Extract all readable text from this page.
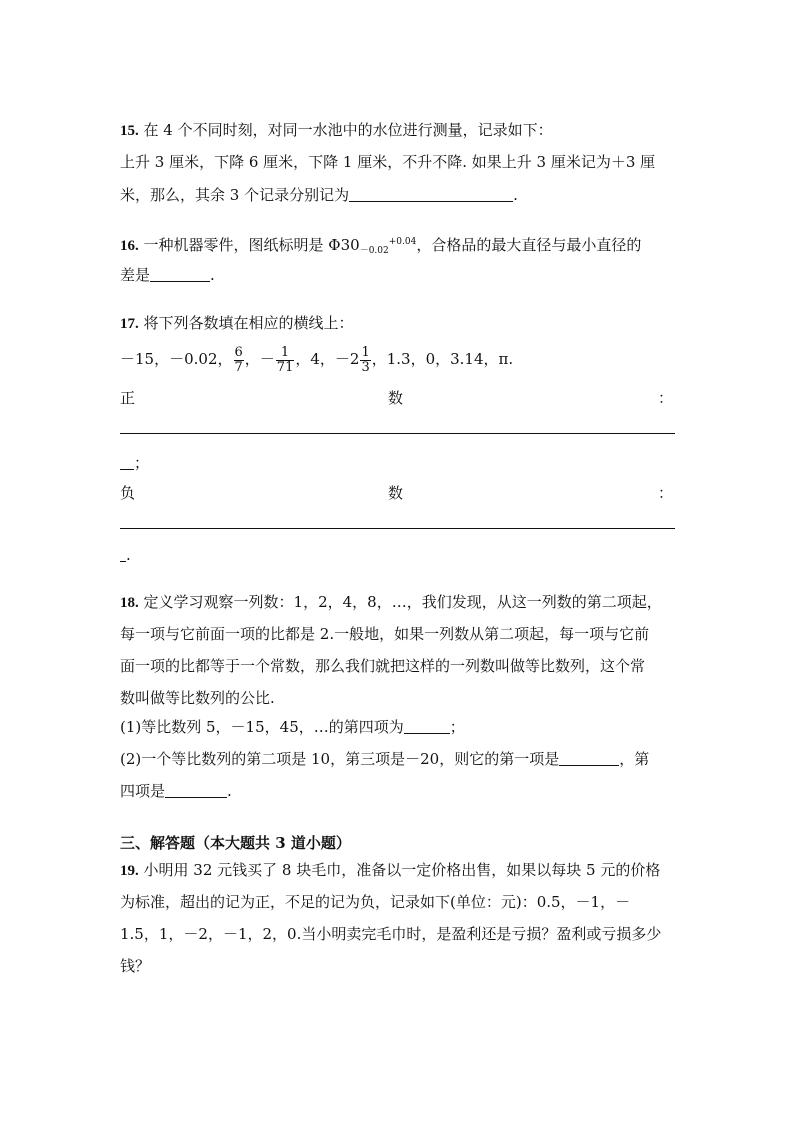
15. 在 4 个不同时刻，对同一水池中的水位进行测量，记录如下：
上升 3 厘米，下降 6 厘米，下降 1 厘米，不升不降. 如果上升 3 厘米记为＋3 厘
米，那么，其余 3 个记录分别记为	.
16. 一种机器零件，图纸标明是 $\Phi 30_{-0.02}^{+0.04}$，合格品的最大直径与最小直径的
差是	.
17. 将下列各数填在相应的横线上：
－15，－0.02， $\frac{6}{7}$ ，－ $\frac{1}{71}$ ，4，$-2 \frac{1}{3}$ ，1.3，0，3.14，π.
正	数	：
；
负	数	：
.
18. 定义学习观察一列数：1，2，4，8，…，我们发现，从这一列数的第二项起，
每一项与它前面一项的比都是 2.一般地，如果一列数从第二项起，每一项与它前
面一项的比都等于一个常数，那么我们就把这样的一列数叫做等比数列，这个常
数叫做等比数列的公比.
(1)等比数列 5，－15，45，…的第四项为	；
(2)一个等比数列的第二项是 10，第三项是－20，则它的第一项是	，第
四项是	.
三、解答题（本大题共 3 道小题）
19. 小明用 32 元钱买了 8 块毛巾，准备以一定价格出售，如果以每块 5 元的价格
为标准，超出的记为正，不足的记为负，记录如下(单位：元)：0.5，－1，－
1.5，1，－2，－1，2，0.当小明卖完毛巾时，是盈利还是亏损？盈利或亏损多少
钱？
